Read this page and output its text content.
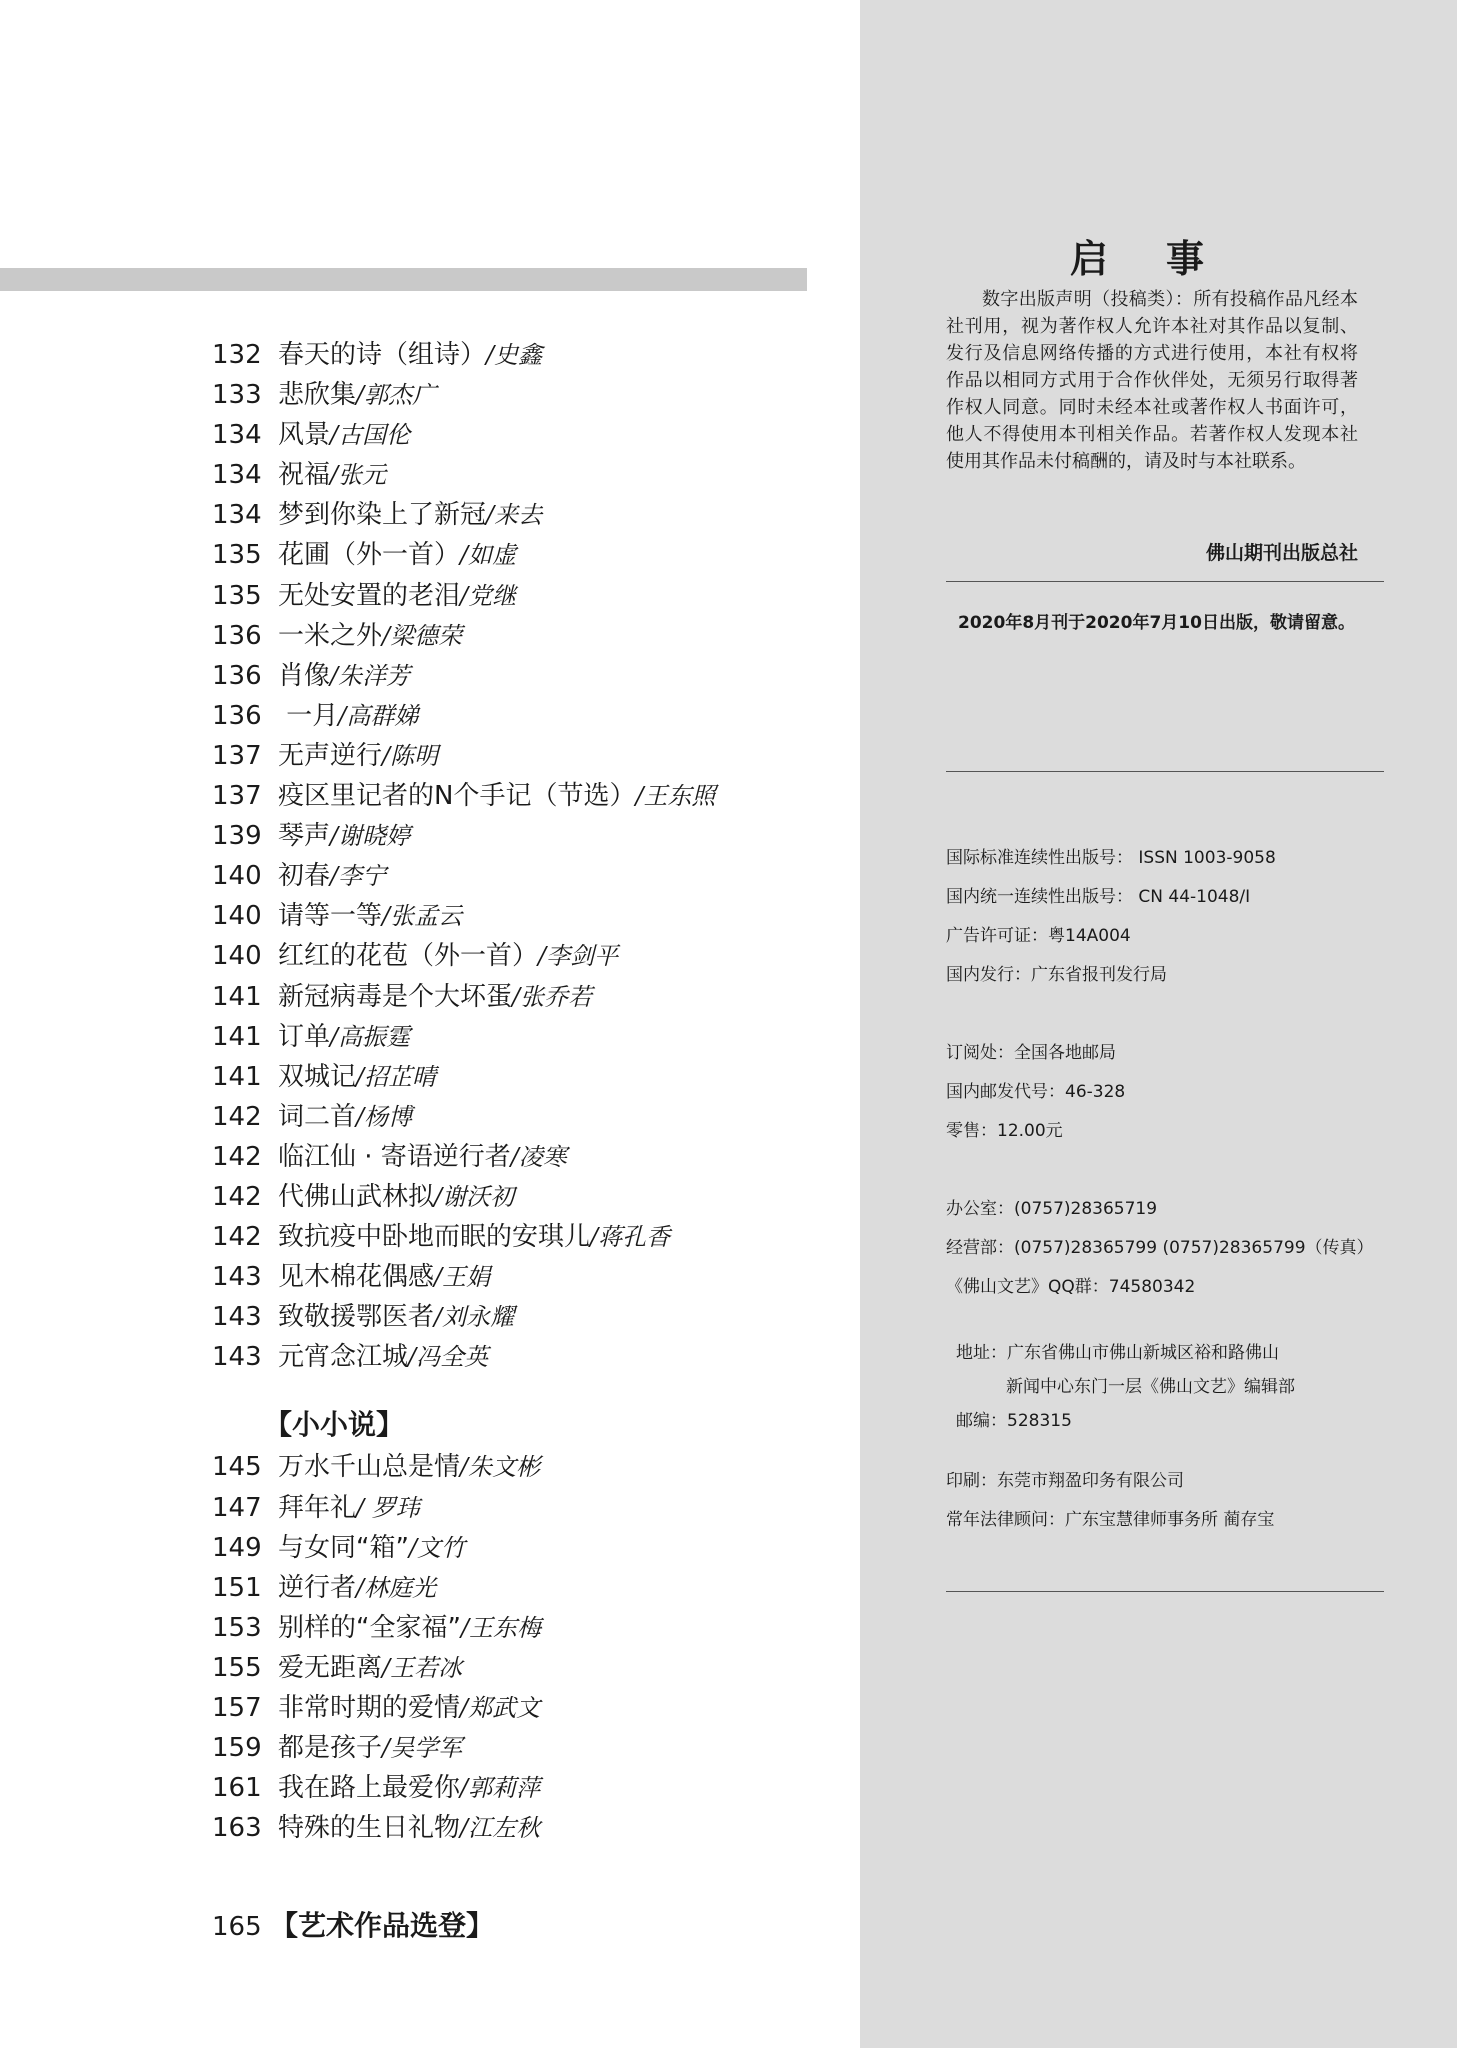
132 春天的诗（组诗）/史鑫
133 悲欣集/郭杰广
134 风景/古国伦
134 祝福/张元
134 梦到你染上了新冠/来去
135 花圃（外一首）/如虚
135 无处安置的老泪/党继
136 一米之外/梁德荣
136 肖像/朱洋芳
136 一月/高群娣
137 无声逆行/陈明
137 疫区里记者的N个手记（节选）/王东照
139 琴声/谢晓婷
140 初春/李宁
140 请等一等/张孟云
140 红红的花苞（外一首）/李剑平
141 新冠病毒是个大坏蛋/张乔若
141 订单/高振霆
141 双城记/招芷晴
142 词二首/杨博
142 临江仙 · 寄语逆行者/凌寒
142 代佛山武林拟/谢沃初
142 致抗疫中卧地而眠的安琪儿/蒋孔香
143 见木棉花偶感/王娟
143 致敬援鄂医者/刘永耀
143 元宵念江城/冯全英
【小小说】
145 万水千山总是情/朱文彬
147 拜年礼/ 罗玮
149 与女同“箱”/文竹
151 逆行者/林庭光
153 别样的“全家福”/王东梅
155 爱无距离/王若冰
157 非常时期的爱情/郑武文
159 都是孩子/吴学军
161 我在路上最爱你/郭莉萍
163 特殊的生日礼物/江左秋
165 【艺术作品选登】
启事
数字出版声明（投稿类）：所有投稿作品凡经本社刊用，视为著作权人允许本社对其作品以复制、发行及信息网络传播的方式进行使用，本社有权将作品以相同方式用于合作伙伴处，无须另行取得著作权人同意。同时未经本社或著作权人书面许可，他人不得使用本刊相关作品。若著作权人发现本社使用其作品未付稿酬的，请及时与本社联系。
佛山期刊出版总社
2020年8月刊于2020年7月10日出版，敬请留意。
国际标准连续性出版号： ISSN 1003-9058
国内统一连续性出版号： CN 44-1048/I
广告许可证：粤14A004
国内发行：广东省报刊发行局
订阅处：全国各地邮局
国内邮发代号：46-328
零售：12.00元
办公室：(0757)28365719
经营部：(0757)28365799 (0757)28365799（传真）
《佛山文艺》QQ群：74580342
地址：广东省佛山市佛山新城区裕和路佛山
新闻中心东门一层《佛山文艺》编辑部
邮编：528315
印刷：东莞市翔盈印务有限公司
常年法律顾问：广东宝慧律师事务所 蔺存宝
